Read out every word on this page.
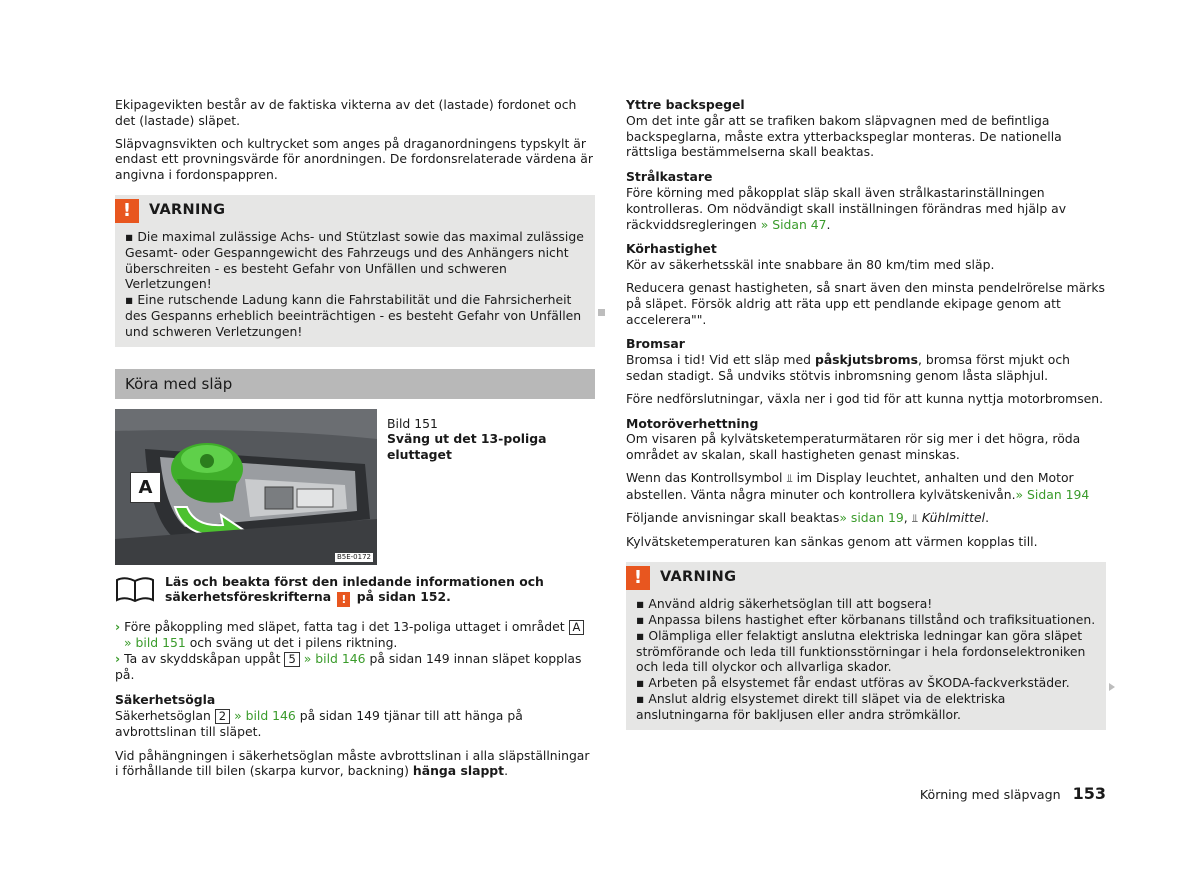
Ekipagevikten består av de faktiska vikterna av det (lastade) fordonet och det (lastade) släpet.

Släpvagnsvikten och kultrycket som anges på draganordningens typskylt är endast ett provningsvärde för anordningen. De fordonsrelaterade värdena är angivna i fordonspappren.

!	VARNING
▪ Die maximal zulässige Achs- und Stützlast sowie das maximal zulässige Gesamt- oder Gespanngewicht des Fahrzeugs und des Anhängers nicht überschreiten - es besteht Gefahr von Unfällen und schweren Verletzungen!
▪ Eine rutschende Ladung kann die Fahrstabilität und die Fahrsicherheit des Gespanns erheblich beeinträchtigen - es besteht Gefahr von Unfällen und schweren Verletzungen!
Köra med släp
A
B5E-0172
Bild 151
Sväng ut det 13-poliga eluttaget
Läs och beakta först den inledande informationen och säkerhetsföreskrifterna ! på sidan 152.
› Före påkoppling med släpet, fatta tag i det 13-poliga uttaget i området A
» bild 151 och sväng ut det i pilens riktning.
› Ta av skyddskåpan uppåt 5 » bild 146 på sidan 149 innan släpet kopplas på.
Säkerhetsögla

Säkerhetsöglan 2 » bild 146 på sidan 149 tjänar till att hänga på avbrottslinan till släpet.

Vid påhängningen i säkerhetsöglan måste avbrottslinan i alla släpställningar i förhållande till bilen (skarpa kurvor, backning) hänga slappt.

Yttre backspegel

Om det inte går att se trafiken bakom släpvagnen med de befintliga backspeglarna, måste extra ytterbackspeglar monteras. De nationella rättsliga bestämmelserna skall beaktas.

Strålkastare

Före körning med påkopplat släp skall även strålkastarinställningen kontrolleras. Om nödvändigt skall inställningen förändras med hjälp av räckviddsregleringen » Sidan 47.

Körhastighet

Kör av säkerhetsskäl inte snabbare än 80 km/tim med släp.

Reducera genast hastigheten, så snart även den minsta pendelrörelse märks på släpet. Försök aldrig att räta upp ett pendlande ekipage genom att accelerera"".

Bromsar

Bromsa i tid! Vid ett släp med påskjutsbroms, bromsa först mjukt och sedan stadigt. Så undviks stötvis inbromsning genom låsta släphjul.

Före nedförslutningar, växla ner i god tid för att kunna nyttja motorbromsen.

Motoröverhettning

Om visaren på kylvätsketemperaturmätaren rör sig mer i det högra, röda området av skalan, skall hastigheten genast minskas.

Wenn das Kontrollsymbol ⫫ im Display leuchtet, anhalten und den Motor abstellen. Vänta några minuter och kontrollera kylvätskenivån.» Sidan 194

Följande anvisningar skall beaktas» sidan 19, ⫫ Kühlmittel.

Kylvätsketemperaturen kan sänkas genom att värmen kopplas till.

!	VARNING
▪ Använd aldrig säkerhetsöglan till att bogsera!
▪ Anpassa bilens hastighet efter körbanans tillstånd och trafiksituationen.
▪ Olämpliga eller felaktigt anslutna elektriska ledningar kan göra släpet strömförande och leda till funktionsstörningar i hela fordonselektroniken och leda till olyckor och allvarliga skador.
▪ Arbeten på elsystemet får endast utföras av ŠKODA-fackverkstäder.
▪ Anslut aldrig elsystemet direkt till släpet via de elektriska anslutningarna för bakljusen eller andra strömkällor.
Körning med släpvagn 153
